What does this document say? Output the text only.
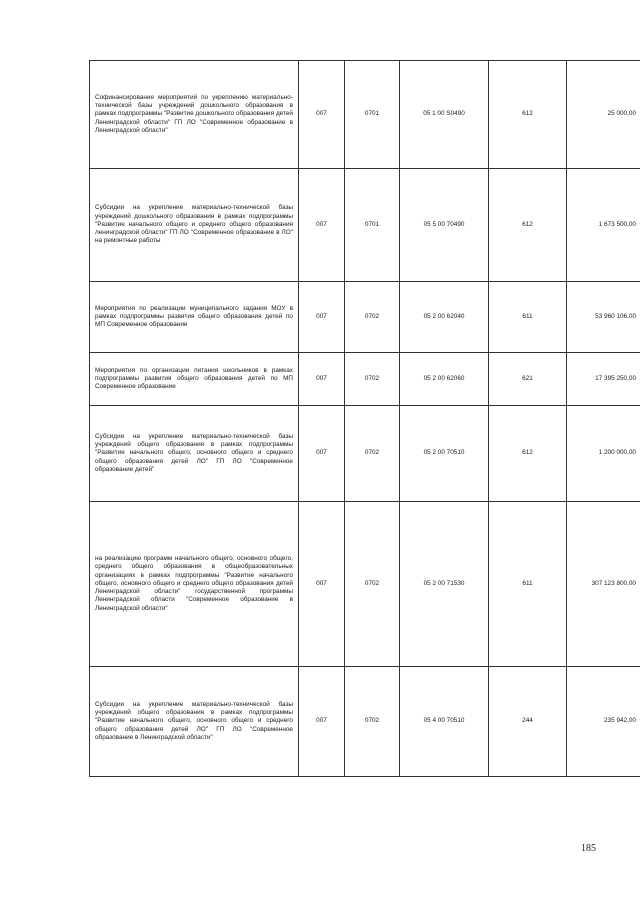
Софинансирование мероприятий по укреплению материально-технической базы учреждений дошкольного образования в рамках подпрограммы "Развитие дошкольного образования детей Ленинградской области" ГП ЛО "Современное образование в Ленинградской области"	007	0701	05 1 00 S0490	612	25 000,00
Субсидии на укрепление материально-технической базы учреждений дошкольного образования в рамках подпрограммы "Развитие начального общего и среднего общего образования ленинградской области" ГП ЛО "Современное образование в ЛО" на ремонтные работы	007	0701	05 5 00 70490	612	1 673 500,00
Мероприятия по реализации муниципального задания МОУ в рамках подпрограммы развития общего образования детей по МП Современное образование	007	0702	05 2 00 62040	611	53 960 106,00
Мероприятия по организации питания школьников в рамках подпрограммы развития общего образования детей по МП Современное образование	007	0702	05 2 00 62060	621	17 395 250,00
Субсидии на укрепление материально-технической базы учреждений общего образования в рамках подпрограммы "Развитие начального общего, основного общего и среднего общего образования детей ЛО" ГП ЛО "Современное образование детей"	007	0702	05 2 00 70510	612	1 200 000,00
на реализацию программ начального общего, основного общего, среднего общего образования в общеобразовательных организациях в рамках подпрограммы "Развитие начального общего, основного общего и среднего общего образования детей Ленинградской области" государственной программы Ленинградской области "Современное образование в Ленинградской области"	007	0702	05 2 00 71530	611	307 123 800,00
Субсидии на укрепление материально-технической базы учреждений общего образования в рамках подпрограммы "Развитие начального общего, основного общего и среднего общего образования детей ЛО" ГП ЛО "Современное образование в Ленинградской области"	007	0702	05 4 00 70510	244	235 942,00
185
